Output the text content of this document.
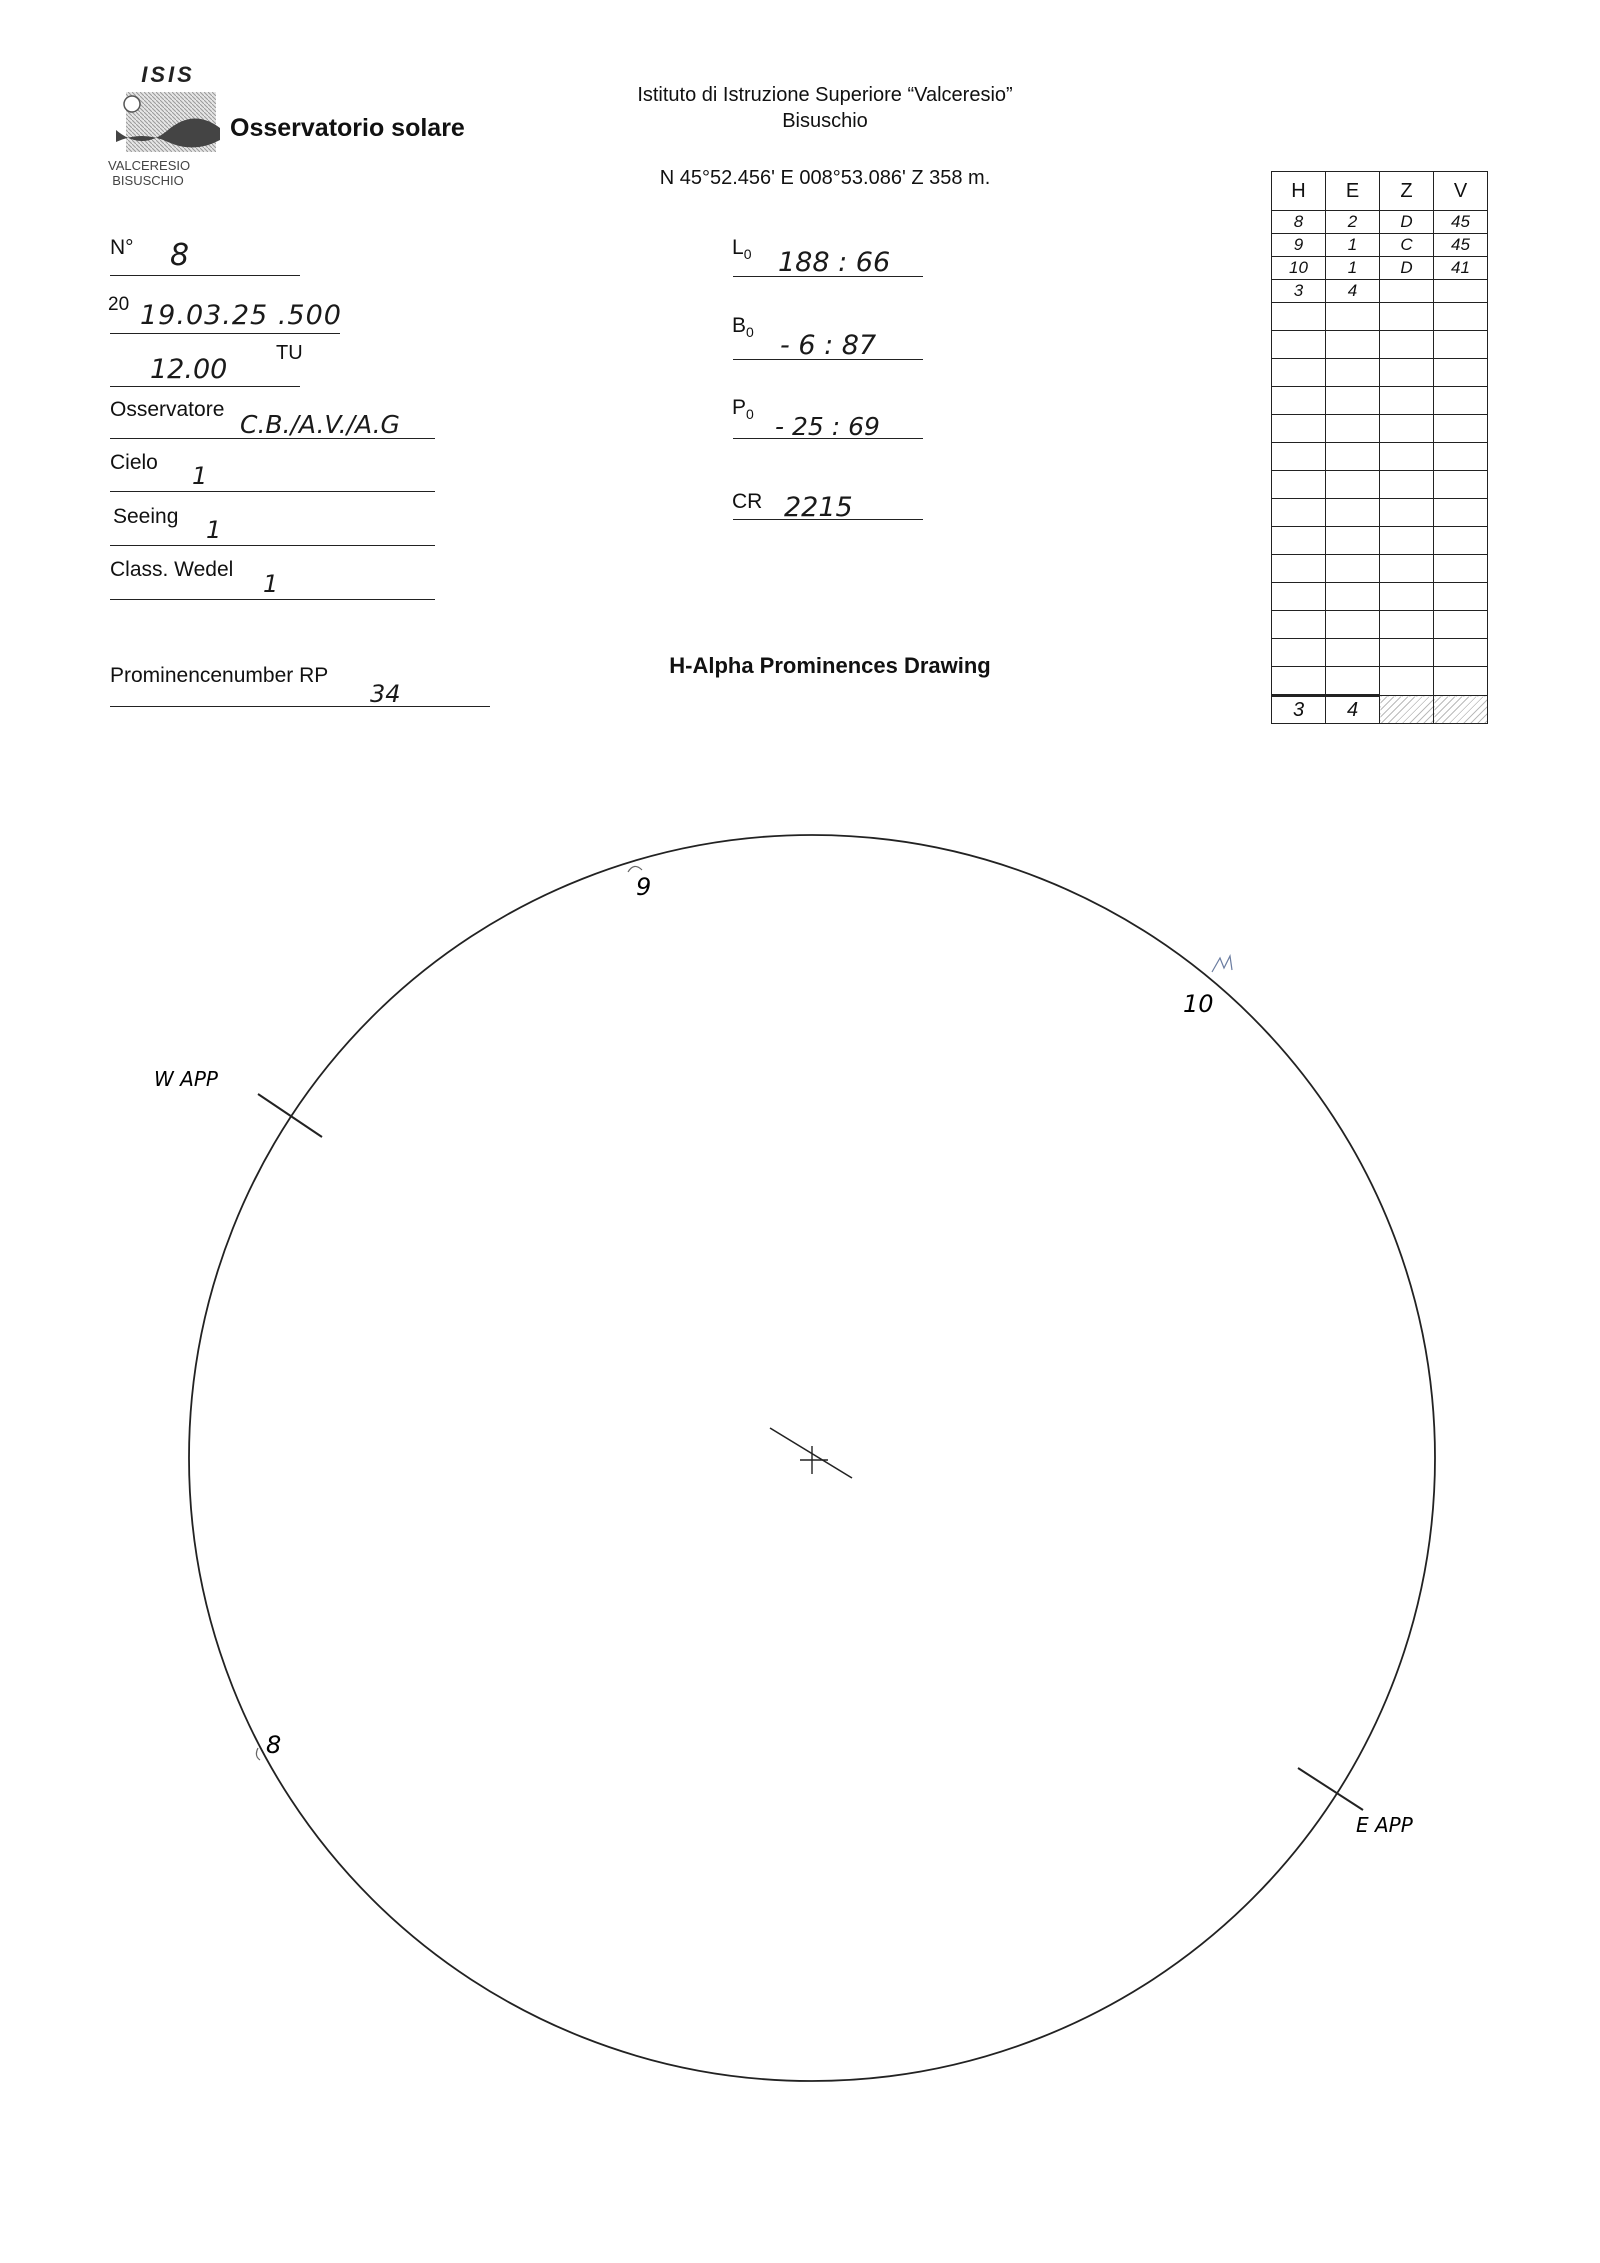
ISIS
VALCERESIO BISUSCHIO
Osservatorio solare
Istituto di Istruzione Superiore “Valceresio”
Bisuschio
N 45°52.456' E 008°53.086' Z 358 m.
N° 8
20 19.03.25 .500
12.00
TU
Osservatore
C.B./A.V./A.G
Cielo 1
Seeing 1
Class. Wedel
1
Prominencenumber RP
34
$L_0$ 188 : 66
$B_0 - 6$ : 87
$P_0 - 25$ : 69
CR 2215
H-Alpha Prominences Drawing
H	E	Z	V
8	2	D	45
9	1	C	45
10	1	D	41
3	4		

3	4		
9
10
8
W APP
E APP
